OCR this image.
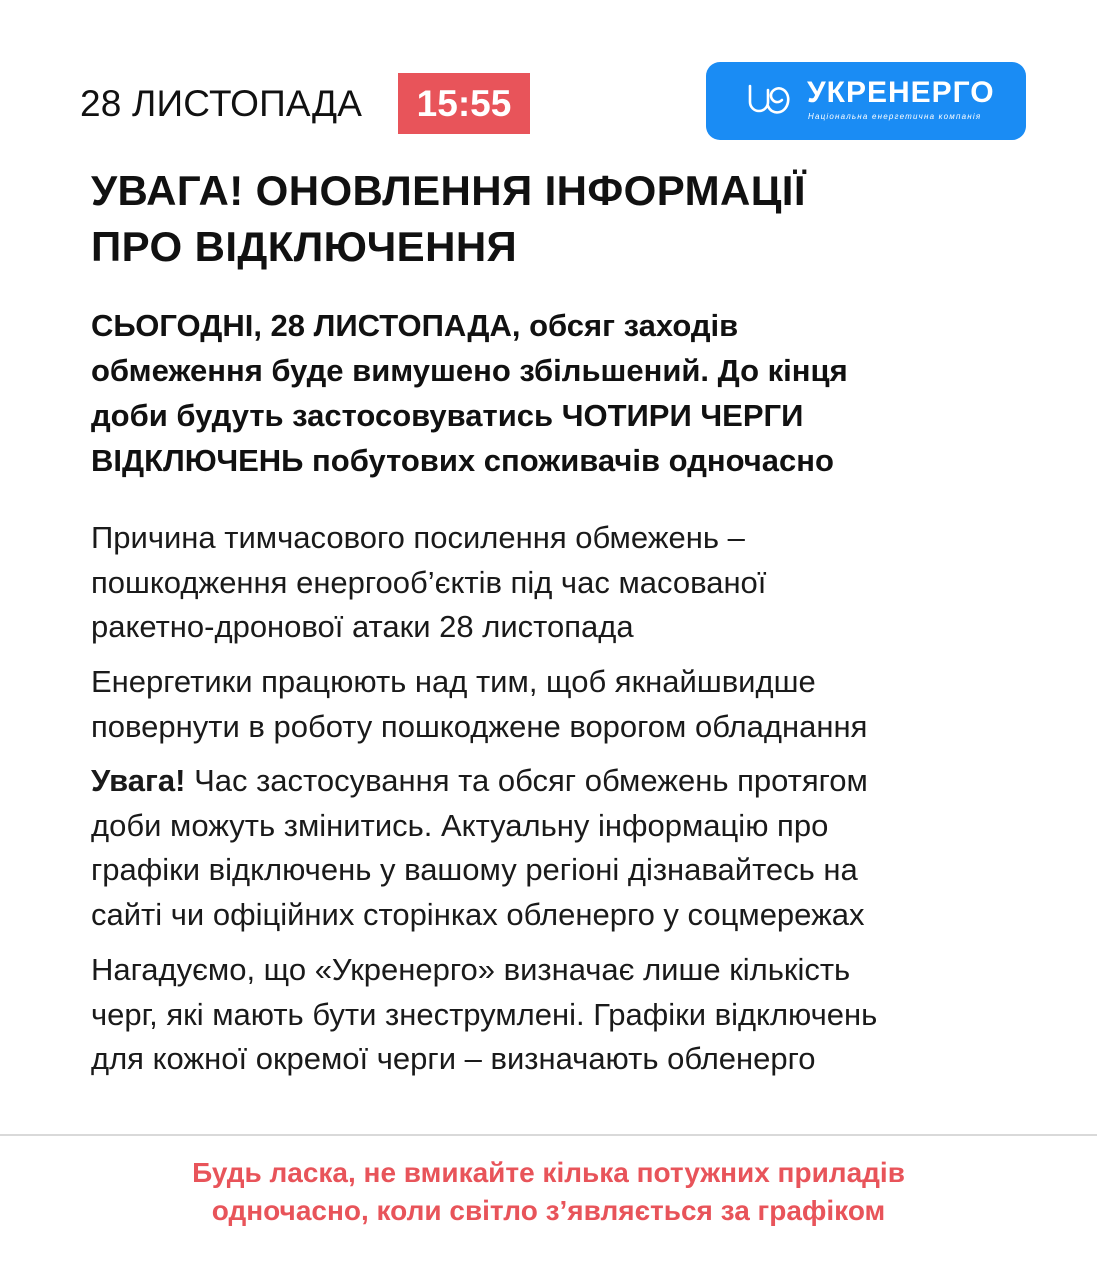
28 ЛИСТОПАДА	15:55	УКРЕНЕРГО
Національна енергетична компанія
УВАГА! ОНОВЛЕННЯ ІНФОРМАЦІЇ
ПРО ВІДКЛЮЧЕННЯ

СЬОГОДНІ, 28 ЛИСТОПАДА, обсяг заходів
обмеження буде вимушено збільшений. До кінця
доби будуть застосовуватись ЧОТИРИ ЧЕРГИ
ВІДКЛЮЧЕНЬ побутових споживачів одночасно

Причина тимчасового посилення обмежень –
пошкодження енергооб’єктів під час масованої
ракетно-дронової атаки 28 листопада

Енергетики працюють над тим, щоб якнайшвидше
повернути в роботу пошкоджене ворогом обладнання

Увага! Час застосування та обсяг обмежень протягом
доби можуть змінитись. Актуальну інформацію про
графіки відключень у вашому регіоні дізнавайтесь на
сайті чи офіційних сторінках обленерго у соцмережах

Нагадуємо, що «Укренерго» визначає лише кількість
черг, які мають бути знеструмлені. Графіки відключень
для кожної окремої черги – визначають обленерго

Будь ласка, не вмикайте кілька потужних приладів
одночасно, коли світло з’являється за графіком
